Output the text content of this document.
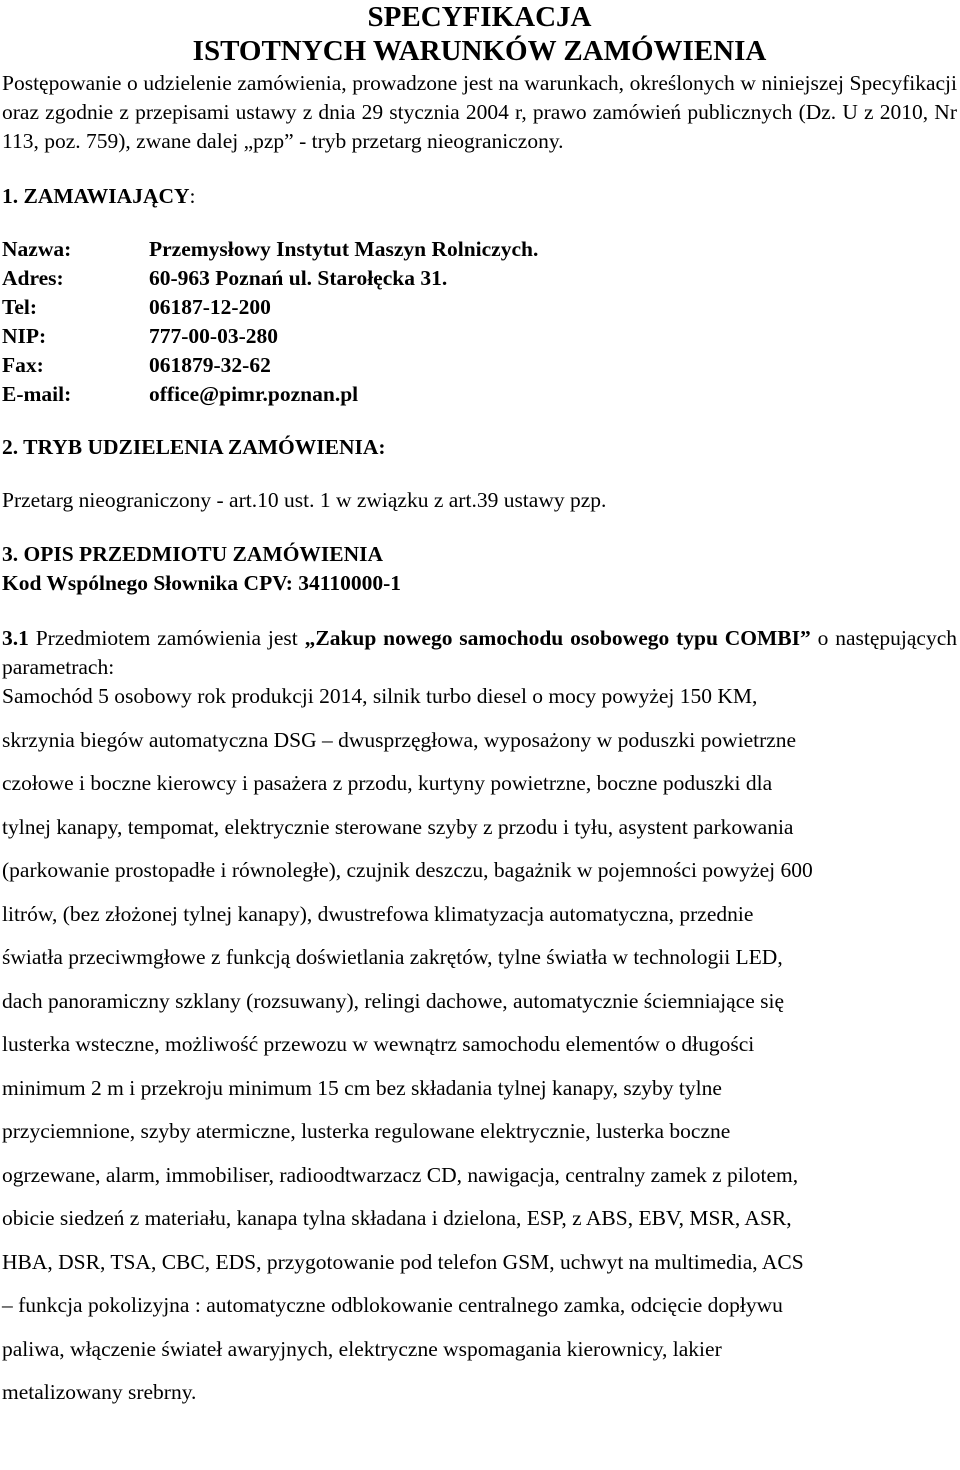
SPECYFIKACJA
ISTOTNYCH WARUNKÓW ZAMÓWIENIA

Postępowanie o udzielenie zamówienia, prowadzone jest na warunkach, określonych w niniejszej Specyfikacji oraz zgodnie z przepisami ustawy z dnia 29 stycznia 2004 r, prawo zamówień publicznych (Dz. U z 2010, Nr 113, poz. 759), zwane dalej „pzp” - tryb przetarg nieograniczony.

1. ZAMAWIAJĄCY:

Nazwa:	Przemysłowy Instytut Maszyn Rolniczych.
Adres:	60-963 Poznań ul. Starołęcka 31.
Tel:	06187-12-200
NIP:	777-00-03-280
Fax:	061879-32-62
E-mail:	office@pimr.poznan.pl

2. TRYB UDZIELENIA ZAMÓWIENIA:

Przetarg nieograniczony - art.10 ust. 1 w związku z art.39 ustawy pzp.

3. OPIS PRZEDMIOTU ZAMÓWIENIA

Kod Wspólnego Słownika CPV: 34110000-1

3.1 Przedmiotem zamówienia jest „Zakup nowego samochodu osobowego typu COMBI” o następujących parametrach:

Samochód 5 osobowy rok produkcji 2014, silnik turbo diesel o mocy powyżej 150 KM,

skrzynia biegów automatyczna DSG – dwusprzęgłowa, wyposażony w poduszki powietrzne

czołowe i boczne kierowcy i pasażera z przodu, kurtyny powietrzne, boczne poduszki dla

tylnej kanapy, tempomat, elektrycznie sterowane szyby z przodu i tyłu, asystent parkowania

(parkowanie prostopadłe i równoległe), czujnik deszczu, bagażnik w pojemności powyżej 600

litrów, (bez złożonej tylnej kanapy), dwustrefowa klimatyzacja automatyczna, przednie

światła przeciwmgłowe z funkcją doświetlania zakrętów, tylne światła w technologii LED,

dach panoramiczny szklany (rozsuwany), relingi dachowe, automatycznie ściemniające się

lusterka wsteczne, możliwość przewozu w wewnątrz samochodu elementów o długości

minimum 2 m i przekroju minimum 15 cm bez składania tylnej kanapy, szyby tylne

przyciemnione, szyby atermiczne, lusterka regulowane elektrycznie, lusterka boczne

ogrzewane, alarm, immobiliser, radioodtwarzacz CD, nawigacja, centralny zamek z pilotem,

obicie siedzeń z materiału, kanapa tylna składana i dzielona, ESP, z ABS, EBV, MSR, ASR,

HBA, DSR, TSA, CBC, EDS, przygotowanie pod telefon GSM, uchwyt na multimedia, ACS

– funkcja pokolizyjna : automatyczne odblokowanie centralnego zamka, odcięcie dopływu

paliwa, włączenie świateł awaryjnych, elektryczne wspomagania kierownicy, lakier

metalizowany srebrny.
